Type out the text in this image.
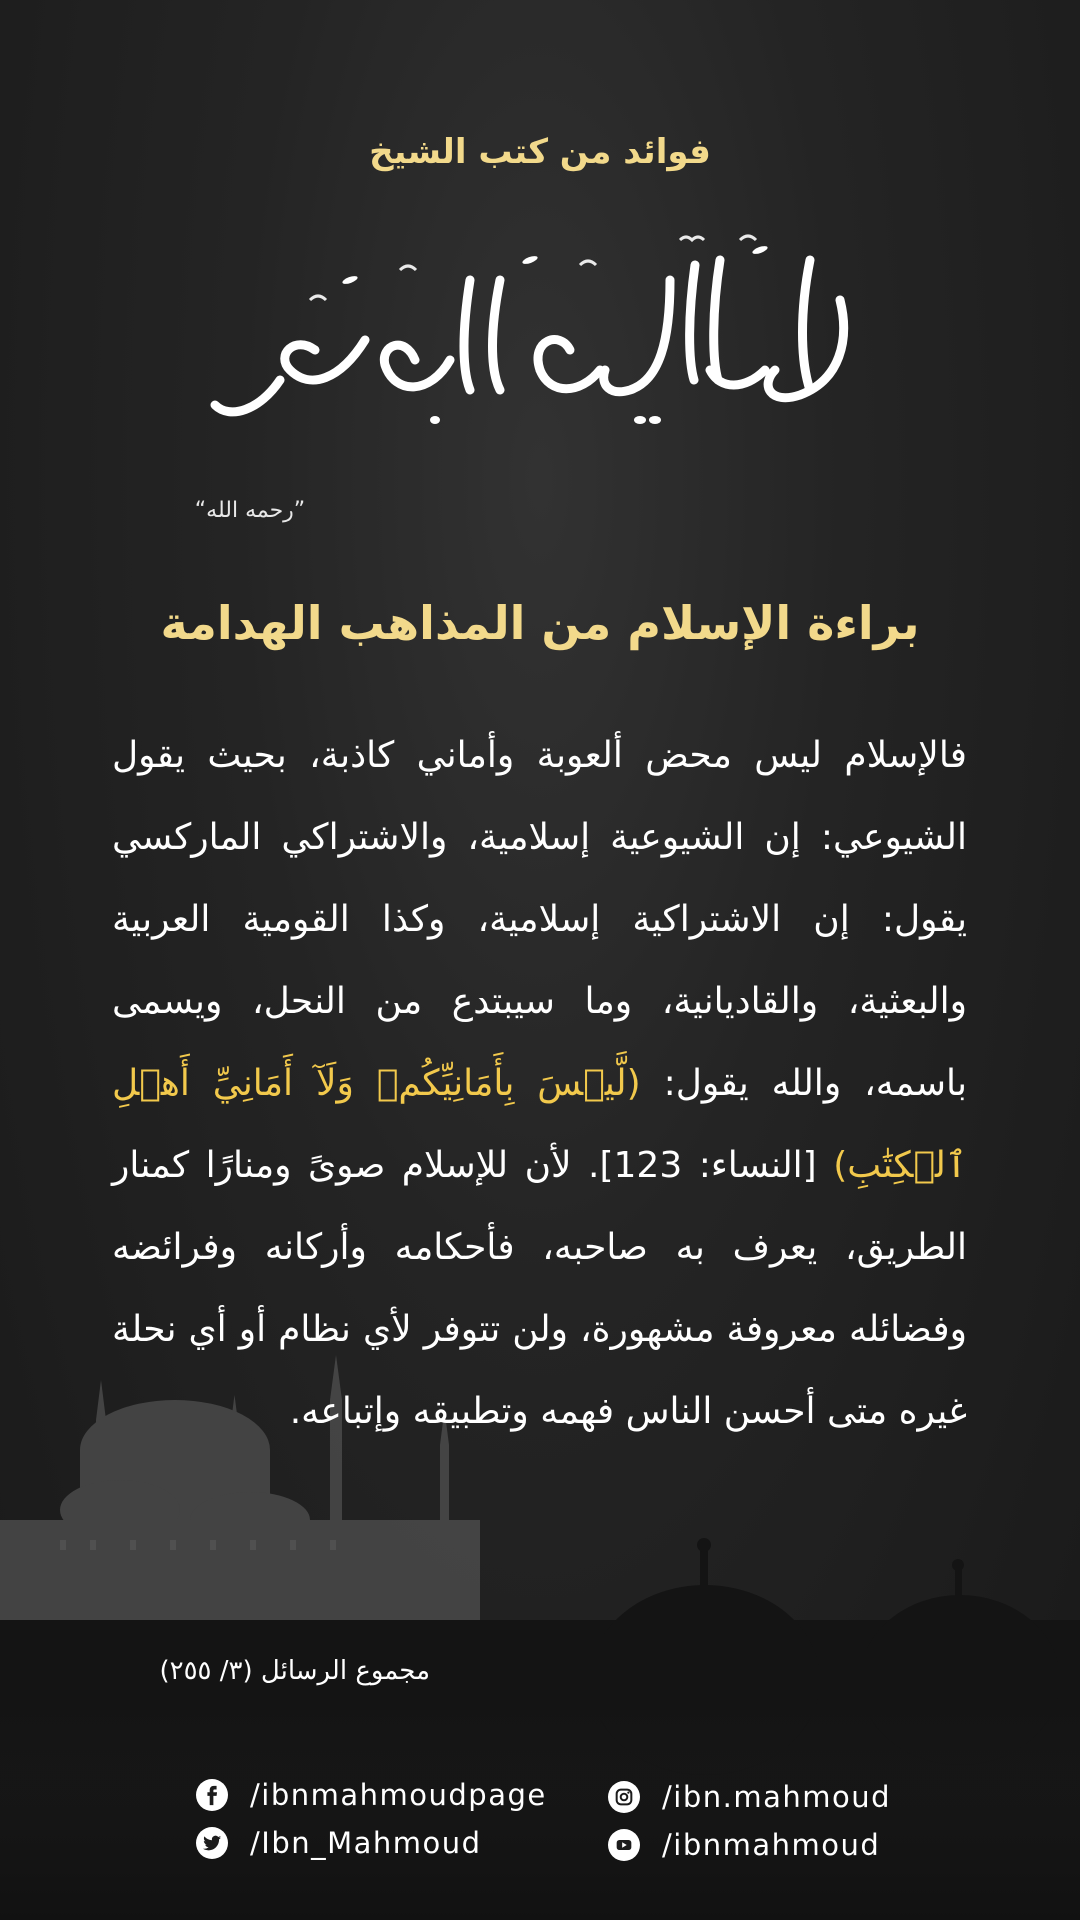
فوائد من كتب الشيخ
”رحمه الله“
براءة الإسلام من المذاهب الهدامة
فالإسلام ليس محض ألعوبة وأماني كاذبة، بحيث يقول الشيوعي: إن الشيوعية إسلامية، والاشتراكي الماركسي يقول: إن الاشتراكية إسلامية، وكذا القومية العربية والبعثية، والقاديانية، وما سيبتدع من النحل، ويسمى باسمه، والله يقول: (لَّيۡسَ بِأَمَانِيِّكُمۡ وَلَآ أَمَانِيِّ أَهۡلِ ٱلۡكِتَٰبِ) [النساء: 123]. لأن للإسلام صوىً ومنارًا كمنار الطريق، يعرف به صاحبه، فأحكامه وأركانه وفرائضه وفضائله معروفة مشهورة، ولن تتوفر لأي نظام أو أي نحلة غيره متى أحسن الناس فهمه وتطبيقه وإتباعه.
مجموع الرسائل (٣/ ٢٥٥)
/ibnmahmoudpage
/Ibn_Mahmoud
/ibn.mahmoud
/ibnmahmoud
